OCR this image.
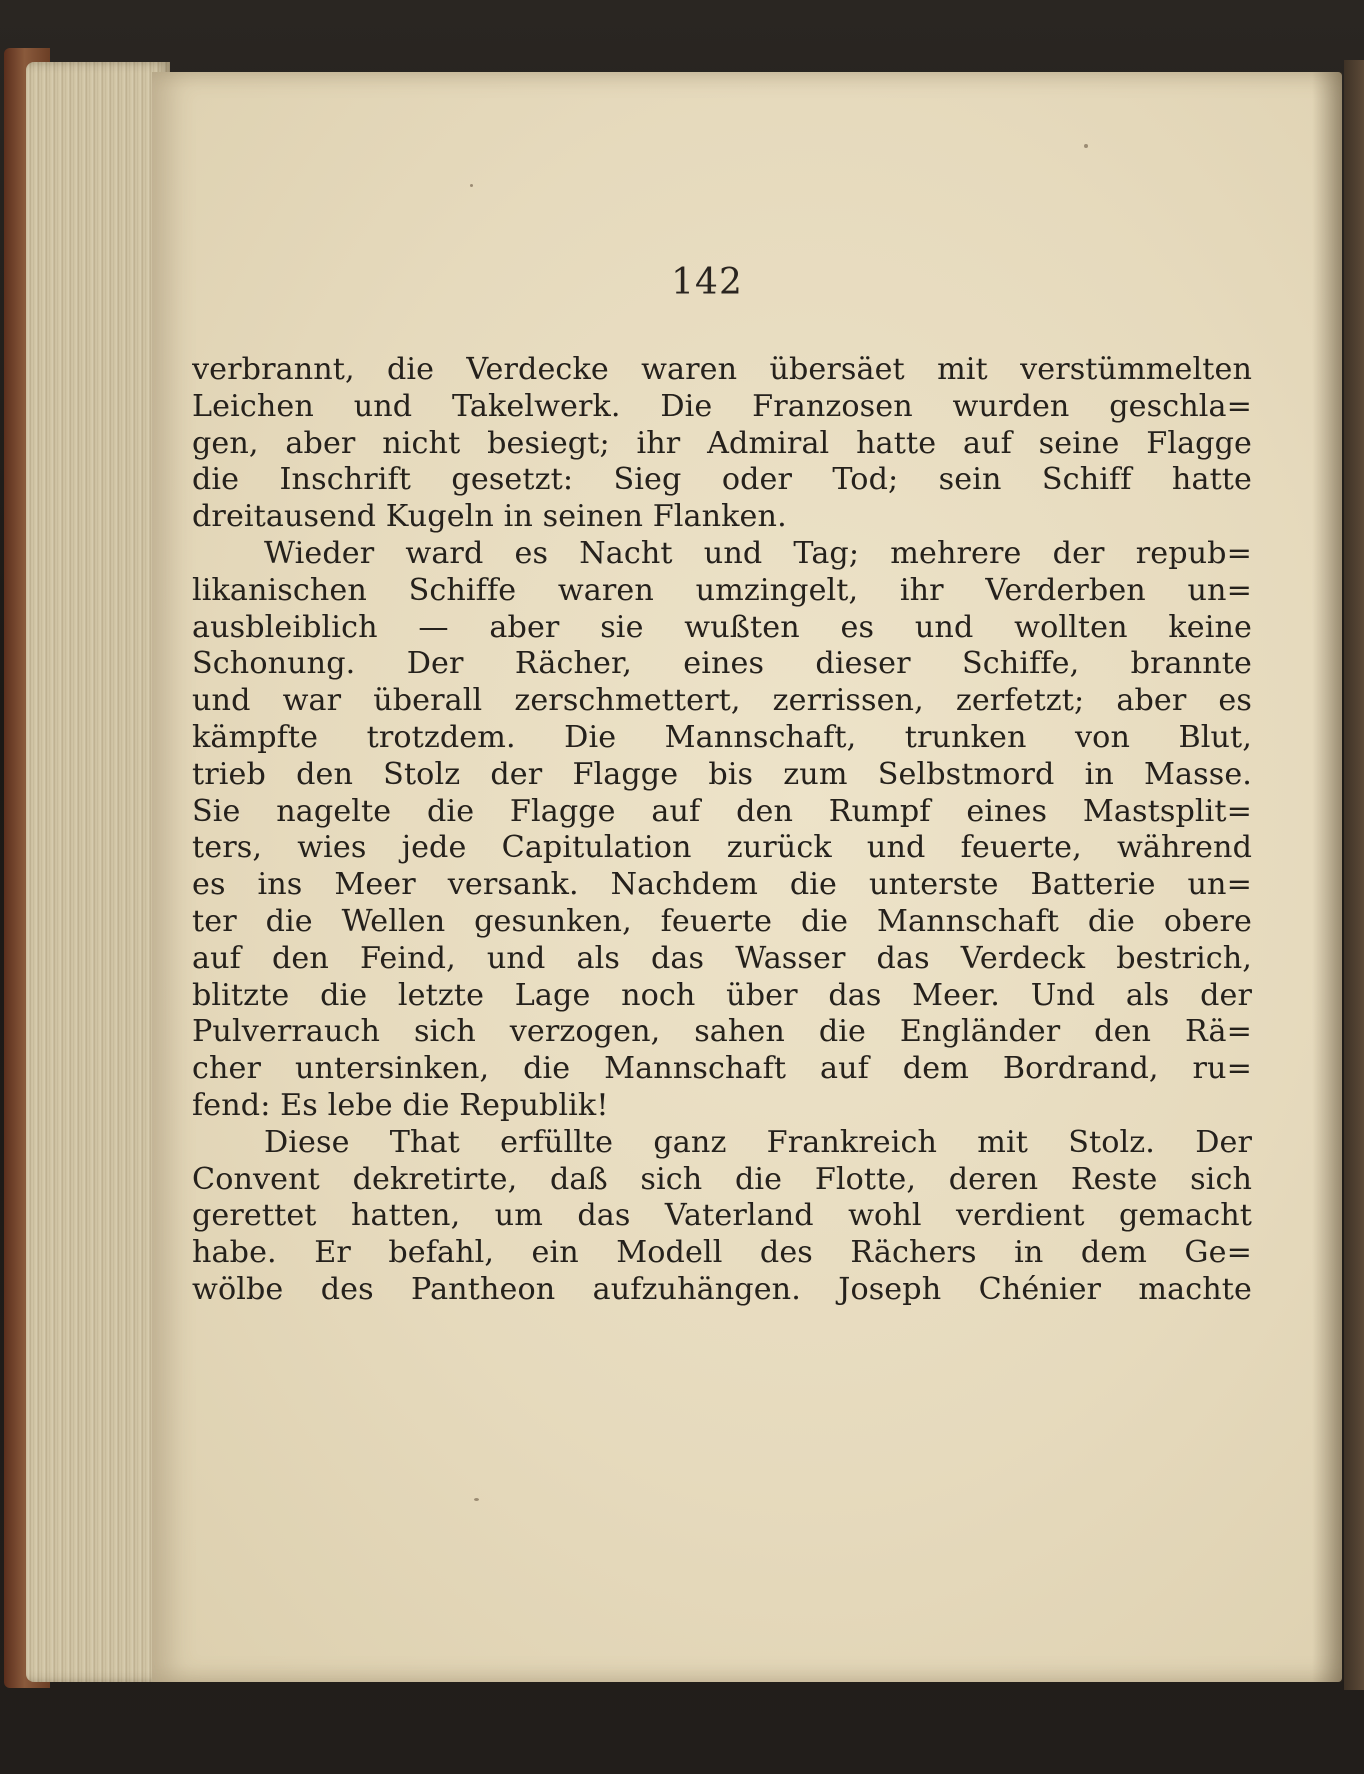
142
verbrannt, die Verdecke waren übersäet mit verstümmelten
Leichen und Takelwerk. Die Franzosen wurden geschla=
gen, aber nicht besiegt; ihr Admiral hatte auf seine Flagge
die Inschrift gesetzt: Sieg oder Tod; sein Schiff hatte
dreitausend Kugeln in seinen Flanken.
Wieder ward es Nacht und Tag; mehrere der repub=
likanischen Schiffe waren umzingelt, ihr Verderben un=
ausbleiblich — aber sie wußten es und wollten keine
Schonung. Der Rächer, eines dieser Schiffe, brannte
und war überall zerschmettert, zerrissen, zerfetzt; aber es
kämpfte trotzdem. Die Mannschaft, trunken von Blut,
trieb den Stolz der Flagge bis zum Selbstmord in Masse.
Sie nagelte die Flagge auf den Rumpf eines Mastsplit=
ters, wies jede Capitulation zurück und feuerte, während
es ins Meer versank. Nachdem die unterste Batterie un=
ter die Wellen gesunken, feuerte die Mannschaft die obere
auf den Feind, und als das Wasser das Verdeck bestrich,
blitzte die letzte Lage noch über das Meer. Und als der
Pulverrauch sich verzogen, sahen die Engländer den Rä=
cher untersinken, die Mannschaft auf dem Bordrand, ru=
fend: Es lebe die Republik!
Diese That erfüllte ganz Frankreich mit Stolz. Der
Convent dekretirte, daß sich die Flotte, deren Reste sich
gerettet hatten, um das Vaterland wohl verdient gemacht
habe. Er befahl, ein Modell des Rächers in dem Ge=
wölbe des Pantheon aufzuhängen. Joseph Chénier machte
